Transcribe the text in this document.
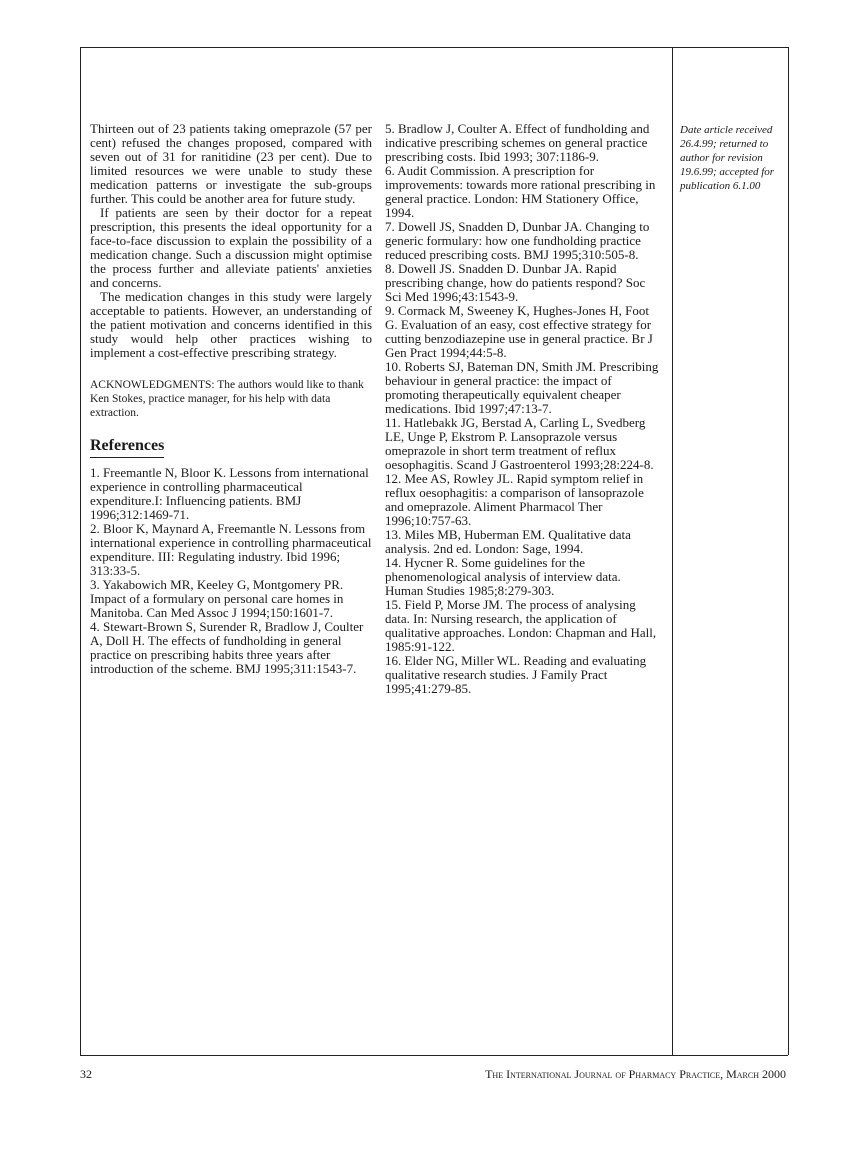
Thirteen out of 23 patients taking omeprazole (57 per cent) refused the changes proposed, compared with seven out of 31 for ranitidine (23 per cent). Due to limited resources we were unable to study these medication patterns or investigate the sub-groups further. This could be another area for future study.

If patients are seen by their doctor for a repeat prescription, this presents the ideal opportunity for a face-to-face discussion to explain the possibility of a medication change. Such a discussion might optimise the process further and alleviate patients' anxieties and concerns.

The medication changes in this study were largely acceptable to patients. However, an understanding of the patient motivation and concerns identified in this study would help other practices wishing to implement a cost-effective prescribing strategy.

ACKNOWLEDGMENTS: The authors would like to thank Ken Stokes, practice manager, for his help with data extraction.

References
1. Freemantle N, Bloor K. Lessons from international experience in controlling pharmaceutical expenditure.I: Influencing patients. BMJ 1996;312:1469-71.
2. Bloor K, Maynard A, Freemantle N. Lessons from international experience in controlling pharmaceutical expenditure. III: Regulating industry. Ibid 1996; 313:33-5.
3. Yakabowich MR, Keeley G, Montgomery PR. Impact of a formulary on personal care homes in Manitoba. Can Med Assoc J 1994;150:1601-7.
4. Stewart-Brown S, Surender R, Bradlow J, Coulter A, Doll H. The effects of fundholding in general practice on prescribing habits three years after introduction of the scheme. BMJ 1995;311:1543-7.
5. Bradlow J, Coulter A. Effect of fundholding and indicative prescribing schemes on general practice prescribing costs. Ibid 1993; 307:1186-9.
6. Audit Commission. A prescription for improvements: towards more rational prescribing in general practice. London: HM Stationery Office, 1994.
7. Dowell JS, Snadden D, Dunbar JA. Changing to generic formulary: how one fundholding practice reduced prescribing costs. BMJ 1995;310:505-8.
8. Dowell JS. Snadden D. Dunbar JA. Rapid prescribing change, how do patients respond? Soc Sci Med 1996;43:1543-9.
9. Cormack M, Sweeney K, Hughes-Jones H, Foot G. Evaluation of an easy, cost effective strategy for cutting benzodiazepine use in general practice. Br J Gen Pract 1994;44:5-8.
10. Roberts SJ, Bateman DN, Smith JM. Prescribing behaviour in general practice: the impact of promoting therapeutically equivalent cheaper medications. Ibid 1997;47:13-7.
11. Hatlebakk JG, Berstad A, Carling L, Svedberg LE, Unge P, Ekstrom P. Lansoprazole versus omeprazole in short term treatment of reflux oesophagitis. Scand J Gastroenterol 1993;28:224-8.
12. Mee AS, Rowley JL. Rapid symptom relief in reflux oesophagitis: a comparison of lansoprazole and omeprazole. Aliment Pharmacol Ther 1996;10:757-63.
13. Miles MB, Huberman EM. Qualitative data analysis. 2nd ed. London: Sage, 1994.
14. Hycner R. Some guidelines for the phenomenological analysis of interview data. Human Studies 1985;8:279-303.
15. Field P, Morse JM. The process of analysing data. In: Nursing research, the application of qualitative approaches. London: Chapman and Hall, 1985:91-122.
16. Elder NG, Miller WL. Reading and evaluating qualitative research studies. J Family Pract 1995;41:279-85.
Date article received 26.4.99; returned to author for revision 19.6.99; accepted for publication 6.1.00
32	The International Journal of Pharmacy Practice, March 2000
